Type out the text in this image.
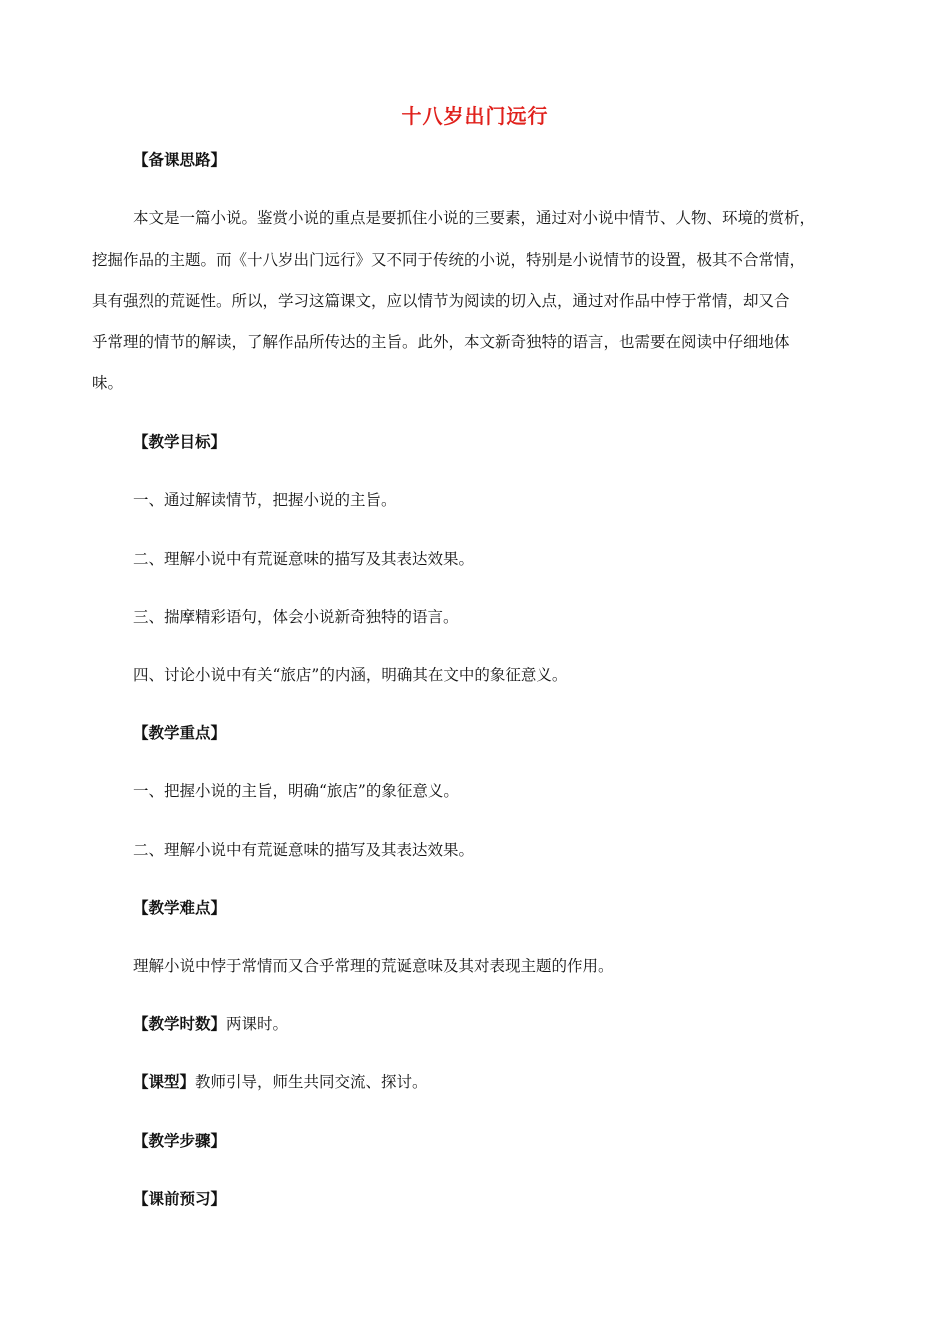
十八岁出门远行
【备课思路】
本文是一篇小说。鉴赏小说的重点是要抓住小说的三要素，通过对小说中情节、人物、环境的赏析，
挖掘作品的主题。而《十八岁出门远行》又不同于传统的小说，特别是小说情节的设置，极其不合常情，
具有强烈的荒诞性。所以，学习这篇课文，应以情节为阅读的切入点，通过对作品中悖于常情，却又合
乎常理的情节的解读，了解作品所传达的主旨。此外，本文新奇独特的语言，也需要在阅读中仔细地体
味。
【教学目标】
一、通过解读情节，把握小说的主旨。
二、理解小说中有荒诞意味的描写及其表达效果。
三、揣摩精彩语句，体会小说新奇独特的语言。
四、讨论小说中有关“旅店”的内涵，明确其在文中的象征意义。
【教学重点】
一、把握小说的主旨，明确“旅店”的象征意义。
二、理解小说中有荒诞意味的描写及其表达效果。
【教学难点】
理解小说中悖于常情而又合乎常理的荒诞意味及其对表现主题的作用。
【教学时数】两课时。
【课型】教师引导，师生共同交流、探讨。
【教学步骤】
【课前预习】
